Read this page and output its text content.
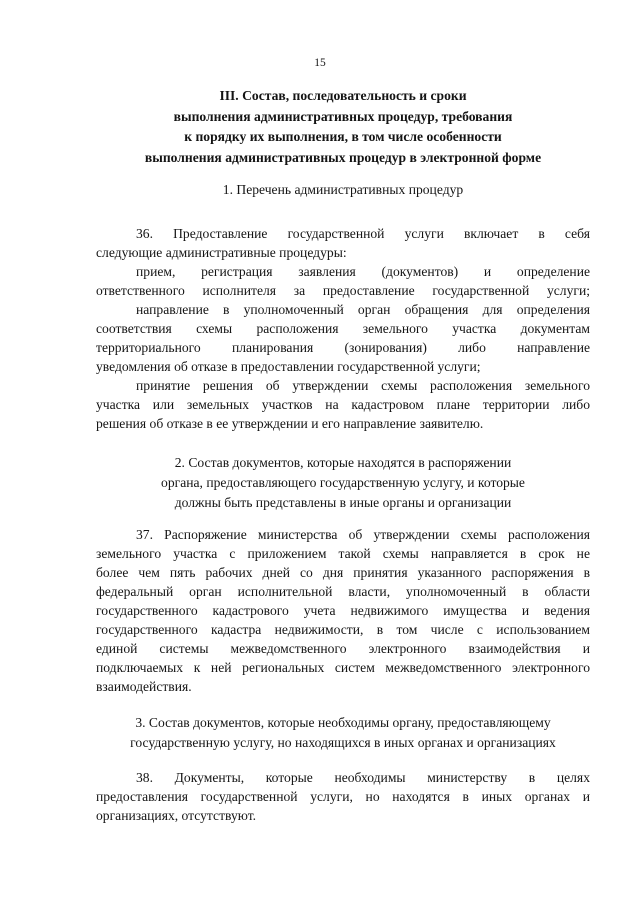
15
III. Состав, последовательность и сроки
выполнения административных процедур, требования
к порядку их выполнения, в том числе особенности
выполнения административных процедур в электронной форме
1. Перечень административных процедур
36. Предоставление государственной услуги включает в себя
следующие административные процедуры:
прием, регистрация заявления (документов) и определение
ответственного исполнителя за предоставление государственной услуги;
направление в уполномоченный орган обращения для определения
соответствия схемы расположения земельного участка документам
территориального планирования (зонирования) либо направление
уведомления об отказе в предоставлении государственной услуги;
принятие решения об утверждении схемы расположения земельного
участка или земельных участков на кадастровом плане территории либо
решения об отказе в ее утверждении и его направление заявителю.
2. Состав документов, которые находятся в распоряжении
органа, предоставляющего государственную услугу, и которые
должны быть представлены в иные органы и организации
37. Распоряжение министерства об утверждении схемы расположения
земельного участка с приложением такой схемы направляется в срок не
более чем пять рабочих дней со дня принятия указанного распоряжения в
федеральный орган исполнительной власти, уполномоченный в области
государственного кадастрового учета недвижимого имущества и ведения
государственного кадастра недвижимости, в том числе с использованием
единой системы межведомственного электронного взаимодействия и
подключаемых к ней региональных систем межведомственного электронного
взаимодействия.
3. Состав документов, которые необходимы органу, предоставляющему
государственную услугу, но находящихся в иных органах и организациях
38. Документы, которые необходимы министерству в целях
предоставления государственной услуги, но находятся в иных органах и
организациях, отсутствуют.
